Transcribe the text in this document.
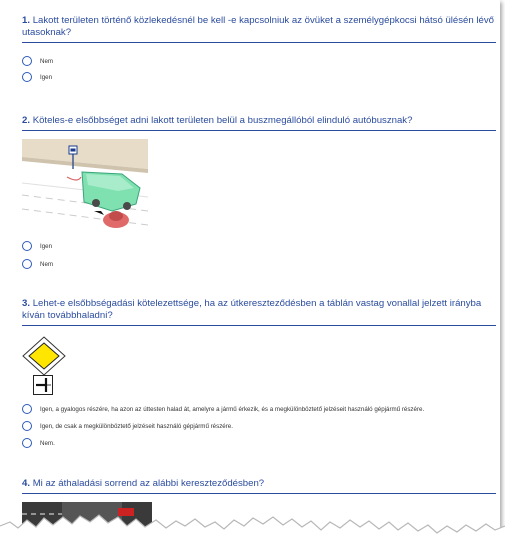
1. Lakott területen történő közlekedésnél be kell -e kapcsolniuk az övüket a személygépkocsi hátsó ülésén lévő utasoknak?

Nem
Igen

2. Köteles-e elsőbbséget adni lakott területen belül a buszmegállóból elinduló autóbusznak?

Igen
Nem

3. Lehet-e elsőbbségadási kötelezettsége, ha az útkereszteződésben a táblán vastag vonallal jelzett irányba kíván továbbhaladni?

Igen, a gyalogos részére, ha azon az úttesten halad át, amelyre a jármű érkezik, és a megkülönböztető jelzéseit használó gépjármű részére.
Igen, de csak a megkülönböztető jelzéseit használó gépjármű részére.
Nem.

4. Mi az áthaladási sorrend az alábbi kereszteződésben?
